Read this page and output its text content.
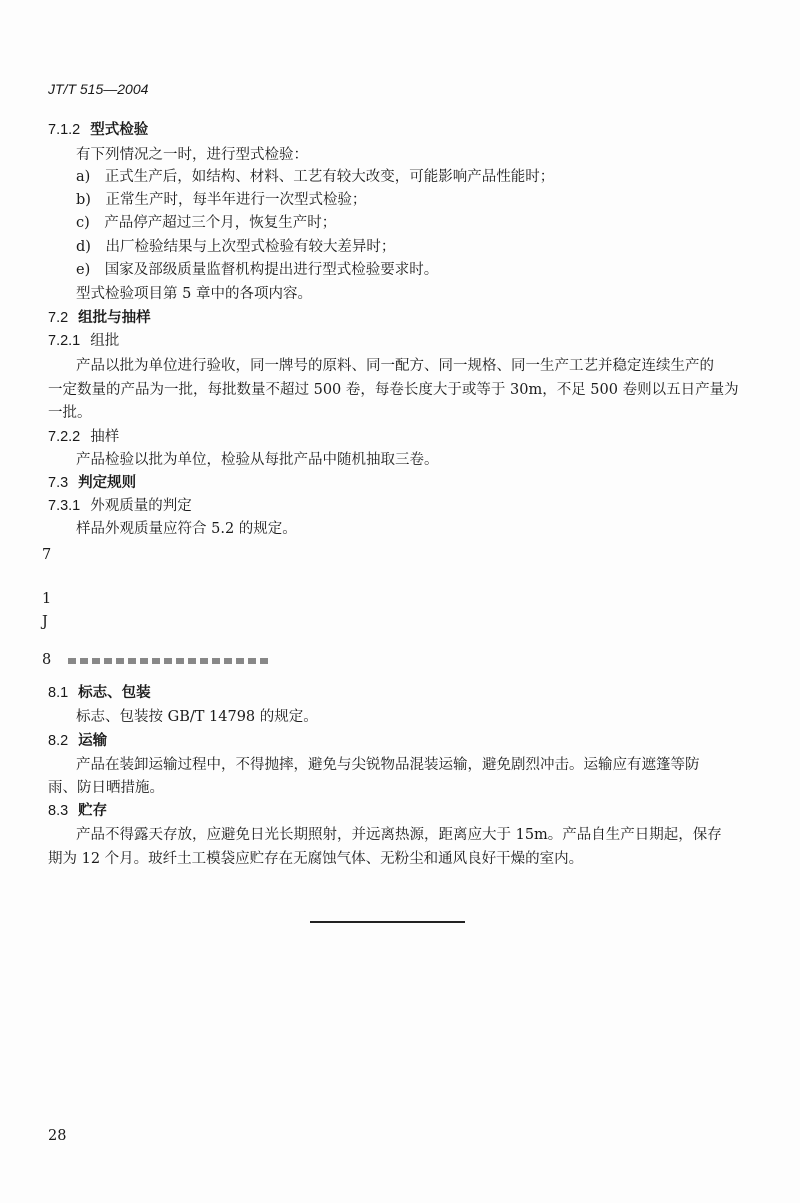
JT/T 515—2004
7.1.2 型式检验
有下列情况之一时，进行型式检验：
a)　正式生产后，如结构、材料、工艺有较大改变，可能影响产品性能时；
b)　正常生产时，每半年进行一次型式检验；
c)　产品停产超过三个月，恢复生产时；
d)　出厂检验结果与上次型式检验有较大差异时；
e)　国家及部级质量监督机构提出进行型式检验要求时。
型式检验项目第 5 章中的各项内容。
7.2 组批与抽样
7.2.1 组批
产品以批为单位进行验收，同一牌号的原料、同一配方、同一规格、同一生产工艺并稳定连续生产的
一定数量的产品为一批，每批数量不超过 500 卷，每卷长度大于或等于 30m，不足 500 卷则以五日产量为
一批。
7.2.2 抽样
产品检验以批为单位，检验从每批产品中随机抽取三卷。
7.3 判定规则
7.3.1 外观质量的判定
样品外观质量应符合 5.2 的规定。
7
1
J
8
8.1 标志、包装
标志、包装按 GB/T 14798 的规定。
8.2 运输
产品在装卸运输过程中，不得抛摔，避免与尖锐物品混装运输，避免剧烈冲击。运输应有遮篷等防
雨、防日晒措施。
8.3 贮存
产品不得露天存放，应避免日光长期照射，并远离热源，距离应大于 15m。产品自生产日期起，保存
期为 12 个月。玻纤土工模袋应贮存在无腐蚀气体、无粉尘和通风良好干燥的室内。
28
